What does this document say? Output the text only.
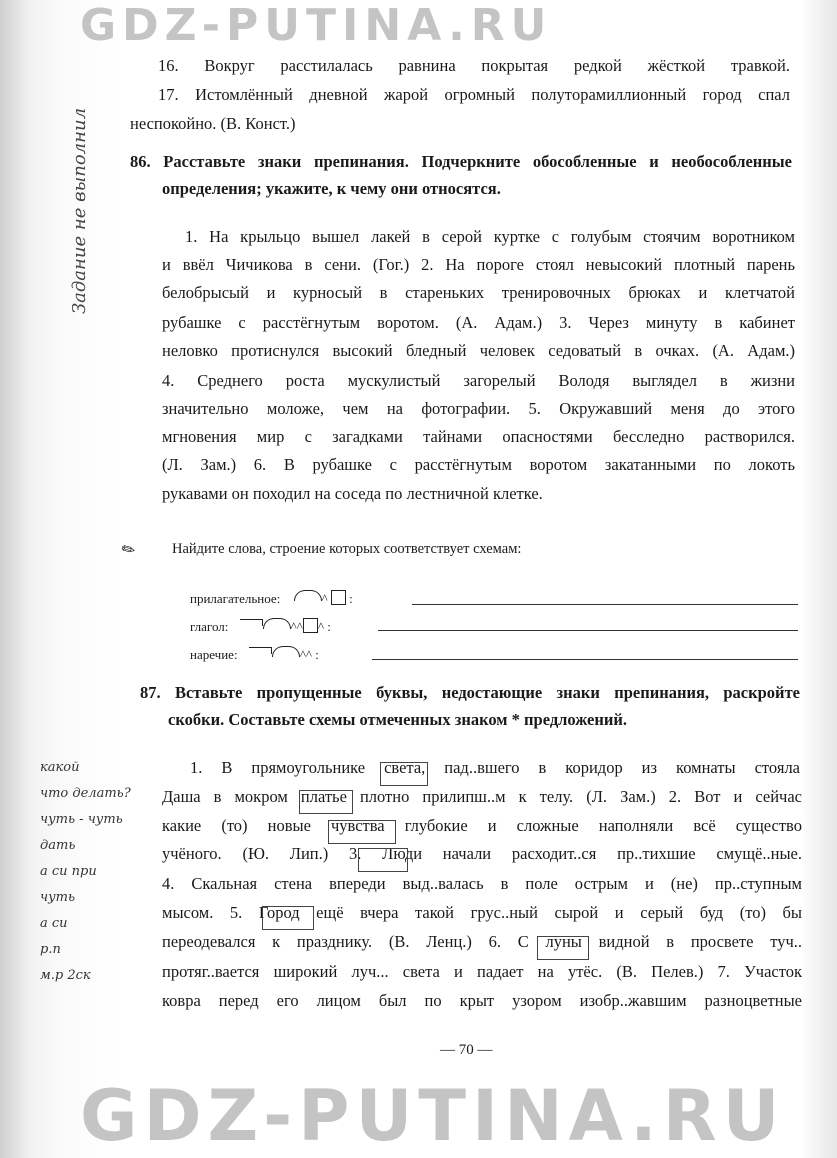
GDZ-PUTINA.RU
GDZ-PUTINA.RU
16. Вокруг расстилалась равнина покрытая редкой жёсткой травкой.
17. Истомлённый дневной жарой огромный полутoрамиллионный город спал
неспокойно. (В. Конст.)
Задание не выполнил 86. Расставьте знаки препинания. Подчеркните обособленные и необособленные
определения; укажите, к чему они относятся.
1. На крыльцо вышел лакей в серой куртке с голубым стоячим воротником
и ввёл Чичикова в сени. (Гог.) 2. На пороге стоял невысокий плотный парень
белобрысый и курносый в стареньких тренировочных брюках и клетчатой
рубашке с расстёгнутым воротом. (А. Адам.) 3. Через минуту в кабинет
неловко протиснулся высокий бледный человек седоватый в очках. (А. Адам.)
4. Среднего роста мускулистый загорелый Володя выглядел в жизни
значительно моложе, чем на фотографии. 5. Окружавший меня до этого
мгновения мир с загадками тайнами опасностями бесследно растворился.
(Л. Зам.) 6. В рубашке с расстёгнутым воротом закатанными по локоть
рукавами он походил на соседа по лестничной клетке.
✎ Найдите слова, строение которых соответствует схемам:
прилагательное:	^  :
глагол:	^^ ^ :
наречие:	^^ :
87. Вставьте пропущенные буквы, недостающие знаки препинания, раскройте
скобки. Составьте схемы отмеченных знаком * предложений.
1. В прямоугольнике света, пад..вшего в коридор из комнаты стояла
Даша в мокром платье плотно прилипш..м к телу. (Л. Зам.) 2. Вот и сейчас
какие (то) новые чувства глубокие и сложные наполняли всё существо
учёного. (Ю. Лип.) 3. Люди начали расходит..ся пр..тихшие смущё..ные.
4. Скальная стена впереди выд..валась в поле острым и (не) пр..ступным
мысом. 5. Город ещё вчера такой грус..ный сырой и серый буд (то) бы
переодевался к празднику. (В. Ленц.) 6. С луны видной в просвете туч..
протяг..вается широкий луч... света и падает на утёс. (В. Пелев.) 7. Участок
ковра перед его лицом был по крыт узором изобр..жавшим разноцветные
какой
что делать?
чуть - чуть
дать
а си при
чуть
а си
р.п
м.р 2ск
— 70 —
